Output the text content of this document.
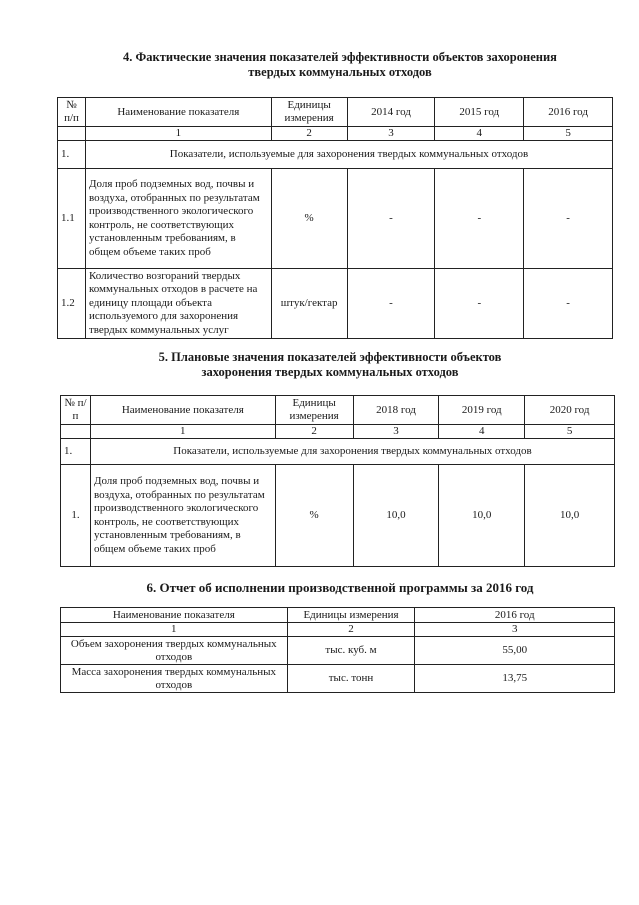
4. Фактические значения показателей эффективности объектов захоронения
твердых коммунальных отходов
№ п/п	Наименование показателя	Единицы измерения	2014 год	2015 год	2016 год
	1	2	3	4	5
1.	Показатели, используемые для захоронения твердых коммунальных отходов				
1.1	Доля проб подземных вод, почвы и воздуха, отобранных по результатам производственного экологического контроль, не соответствующих установленным требованиям, в общем объеме таких проб	%	-	-	-
1.2	Количество возгораний твердых коммунальных отходов в расчете на единицу площади объекта используемого для захоронения твердых коммунальных услуг	штук/гектар	-	-	-
5. Плановые значения показателей эффективности объектов
захоронения твердых коммунальных отходов
№ п/п	Наименование показателя	Единицы измерения	2018 год	2019 год	2020 год
	1	2	3	4	5
1.	Показатели, используемые для захоронения твердых коммунальных отходов				
1.	Доля проб подземных вод, почвы и воздуха, отобранных по результатам производственного экологического контроль, не соответствующих установленным требованиям, в общем объеме таких проб	%	10,0	10,0	10,0
6. Отчет об исполнении производственной программы за 2016 год
Наименование показателя	Единицы измерения	2016 год
1	2	3
Объем захоронения твердых коммунальных отходов	тыс. куб. м	55,00
Масса захоронения твердых коммунальных отходов	тыс. тонн	13,75
